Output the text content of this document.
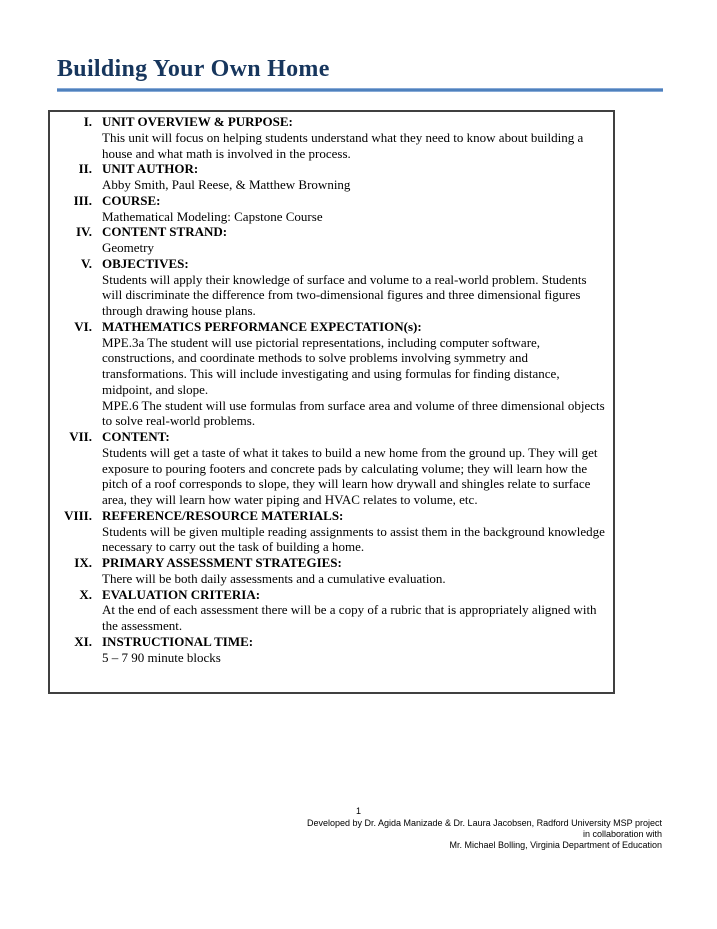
Building Your Own Home
I. UNIT OVERVIEW & PURPOSE:
This unit will focus on helping students understand what they need to know about building a house and what math is involved in the process.
II. UNIT AUTHOR:
Abby Smith, Paul Reese, & Matthew Browning
III. COURSE:
Mathematical Modeling: Capstone Course
IV. CONTENT STRAND:
Geometry
V. OBJECTIVES:
Students will apply their knowledge of surface and volume to a real-world problem. Students will discriminate the difference from two-dimensional figures and three dimensional figures through drawing house plans.
VI. MATHEMATICS PERFORMANCE EXPECTATION(s):
MPE.3a The student will use pictorial representations, including computer software, constructions, and coordinate methods to solve problems involving symmetry and transformations. This will include investigating and using formulas for finding distance, midpoint, and slope.
MPE.6 The student will use formulas from surface area and volume of three dimensional objects to solve real-world problems.
VII. CONTENT:
Students will get a taste of what it takes to build a new home from the ground up. They will get exposure to pouring footers and concrete pads by calculating volume; they will learn how the pitch of a roof corresponds to slope, they will learn how drywall and shingles relate to surface area, they will learn how water piping and HVAC relates to volume, etc.
VIII. REFERENCE/RESOURCE MATERIALS:
Students will be given multiple reading assignments to assist them in the background knowledge necessary to carry out the task of building a home.
IX. PRIMARY ASSESSMENT STRATEGIES:
There will be both daily assessments and a cumulative evaluation.
X. EVALUATION CRITERIA:
At the end of each assessment there will be a copy of a rubric that is appropriately aligned with the assessment.
XI. INSTRUCTIONAL TIME:
5 – 7 90 minute blocks
1
Developed by Dr. Agida Manizade & Dr. Laura Jacobsen, Radford University MSP project
in collaboration with
Mr. Michael Bolling, Virginia Department of Education
